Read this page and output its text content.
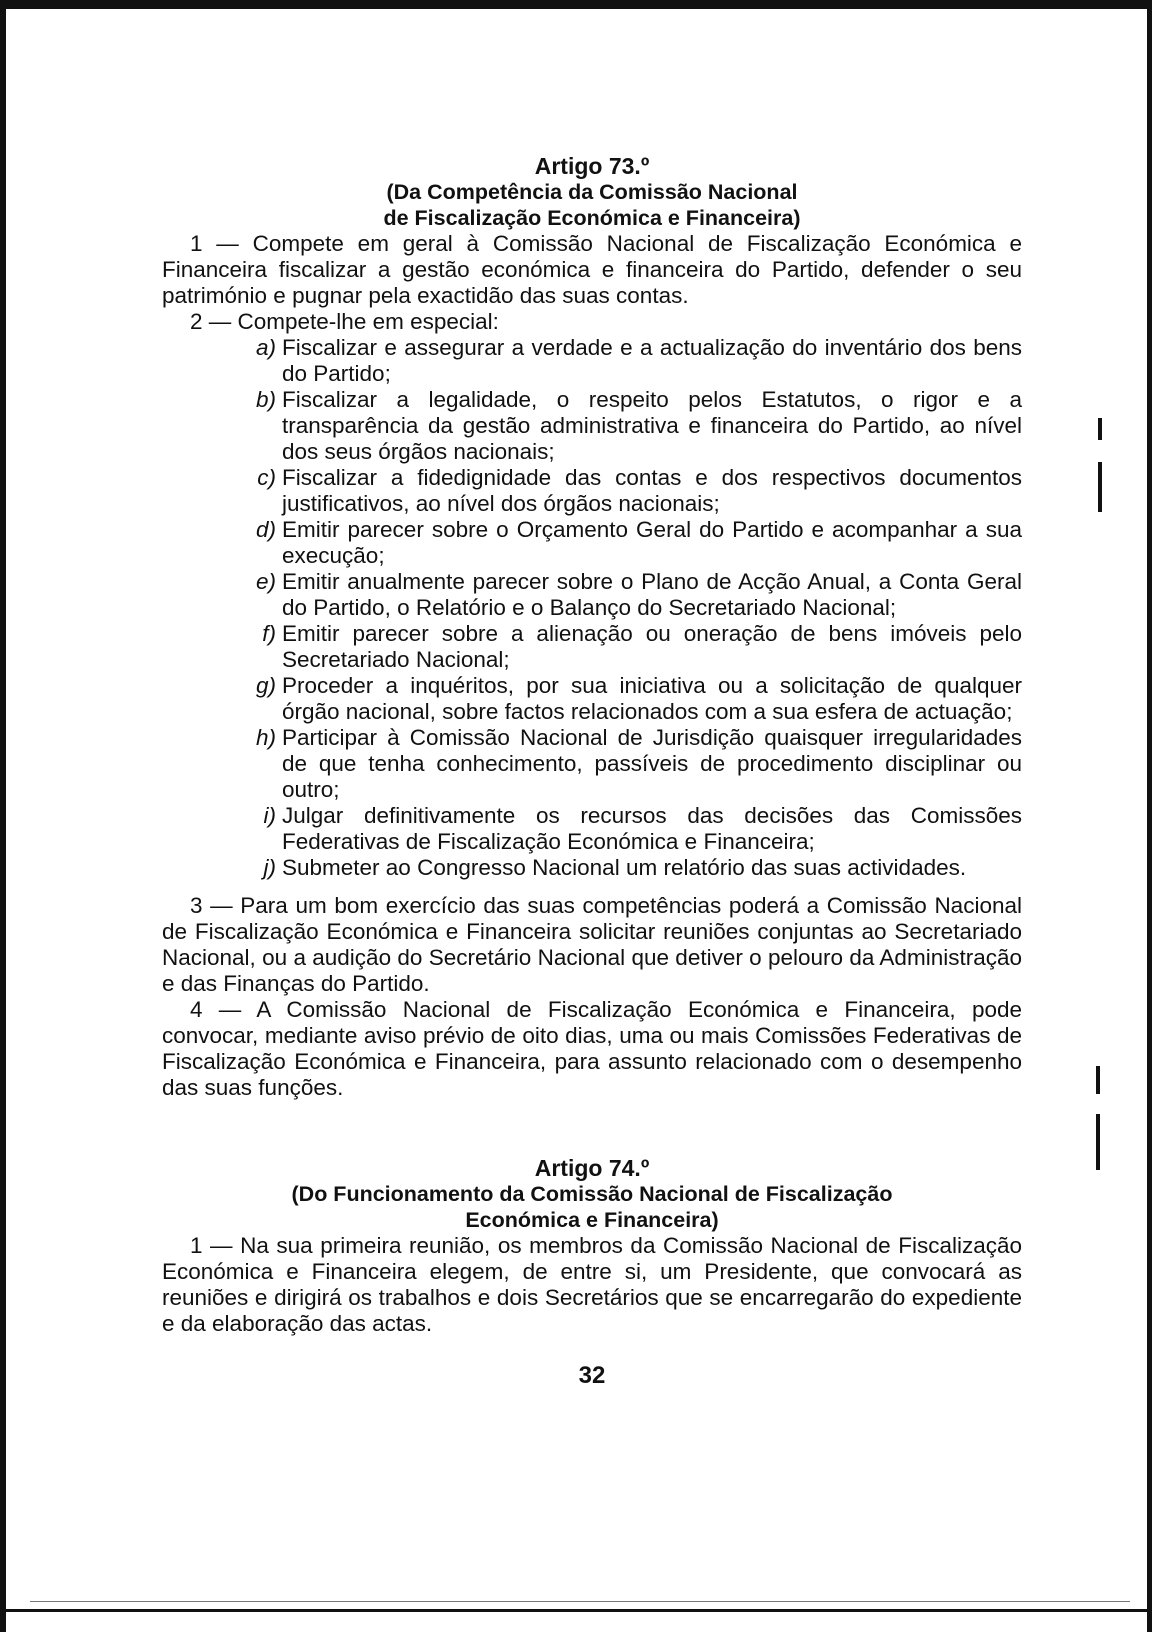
Artigo 73.º
(Da Competência da Comissão Nacional
de Fiscalização Económica e Financeira)
1 — Compete em geral à Comissão Nacional de Fiscalização Económica e Financeira fiscalizar a gestão económica e financeira do Partido, defender o seu património e pugnar pela exactidão das suas contas.
2 — Compete-lhe em especial:
a) Fiscalizar e assegurar a verdade e a actualização do inventário dos bens do Partido;
b) Fiscalizar a legalidade, o respeito pelos Estatutos, o rigor e a transparência da gestão administrativa e financeira do Partido, ao nível dos seus órgãos nacionais;
c) Fiscalizar a fidedignidade das contas e dos respectivos documentos justificativos, ao nível dos órgãos nacionais;
d) Emitir parecer sobre o Orçamento Geral do Partido e acompanhar a sua execução;
e) Emitir anualmente parecer sobre o Plano de Acção Anual, a Conta Geral do Partido, o Relatório e o Balanço do Secretariado Nacional;
f) Emitir parecer sobre a alienação ou oneração de bens imóveis pelo Secretariado Nacional;
g) Proceder a inquéritos, por sua iniciativa ou a solicitação de qualquer órgão nacional, sobre factos relacionados com a sua esfera de actuação;
h) Participar à Comissão Nacional de Jurisdição quaisquer irregularidades de que tenha conhecimento, passíveis de procedimento disciplinar ou outro;
i) Julgar definitivamente os recursos das decisões das Comissões Federativas de Fiscalização Económica e Financeira;
j) Submeter ao Congresso Nacional um relatório das suas actividades.
3 — Para um bom exercício das suas competências poderá a Comissão Nacional de Fiscalização Económica e Financeira solicitar reuniões conjuntas ao Secretariado Nacional, ou a audição do Secretário Nacional que detiver o pelouro da Administração e das Finanças do Partido.
4 — A Comissão Nacional de Fiscalização Económica e Financeira, pode convocar, mediante aviso prévio de oito dias, uma ou mais Comissões Federativas de Fiscalização Económica e Financeira, para assunto relacionado com o desempenho das suas funções.
Artigo 74.º
(Do Funcionamento da Comissão Nacional de Fiscalização
Económica e Financeira)
1 — Na sua primeira reunião, os membros da Comissão Nacional de Fiscalização Económica e Financeira elegem, de entre si, um Presidente, que convocará as reuniões e dirigirá os trabalhos e dois Secretários que se encarregarão do expediente e da elaboração das actas.
32
